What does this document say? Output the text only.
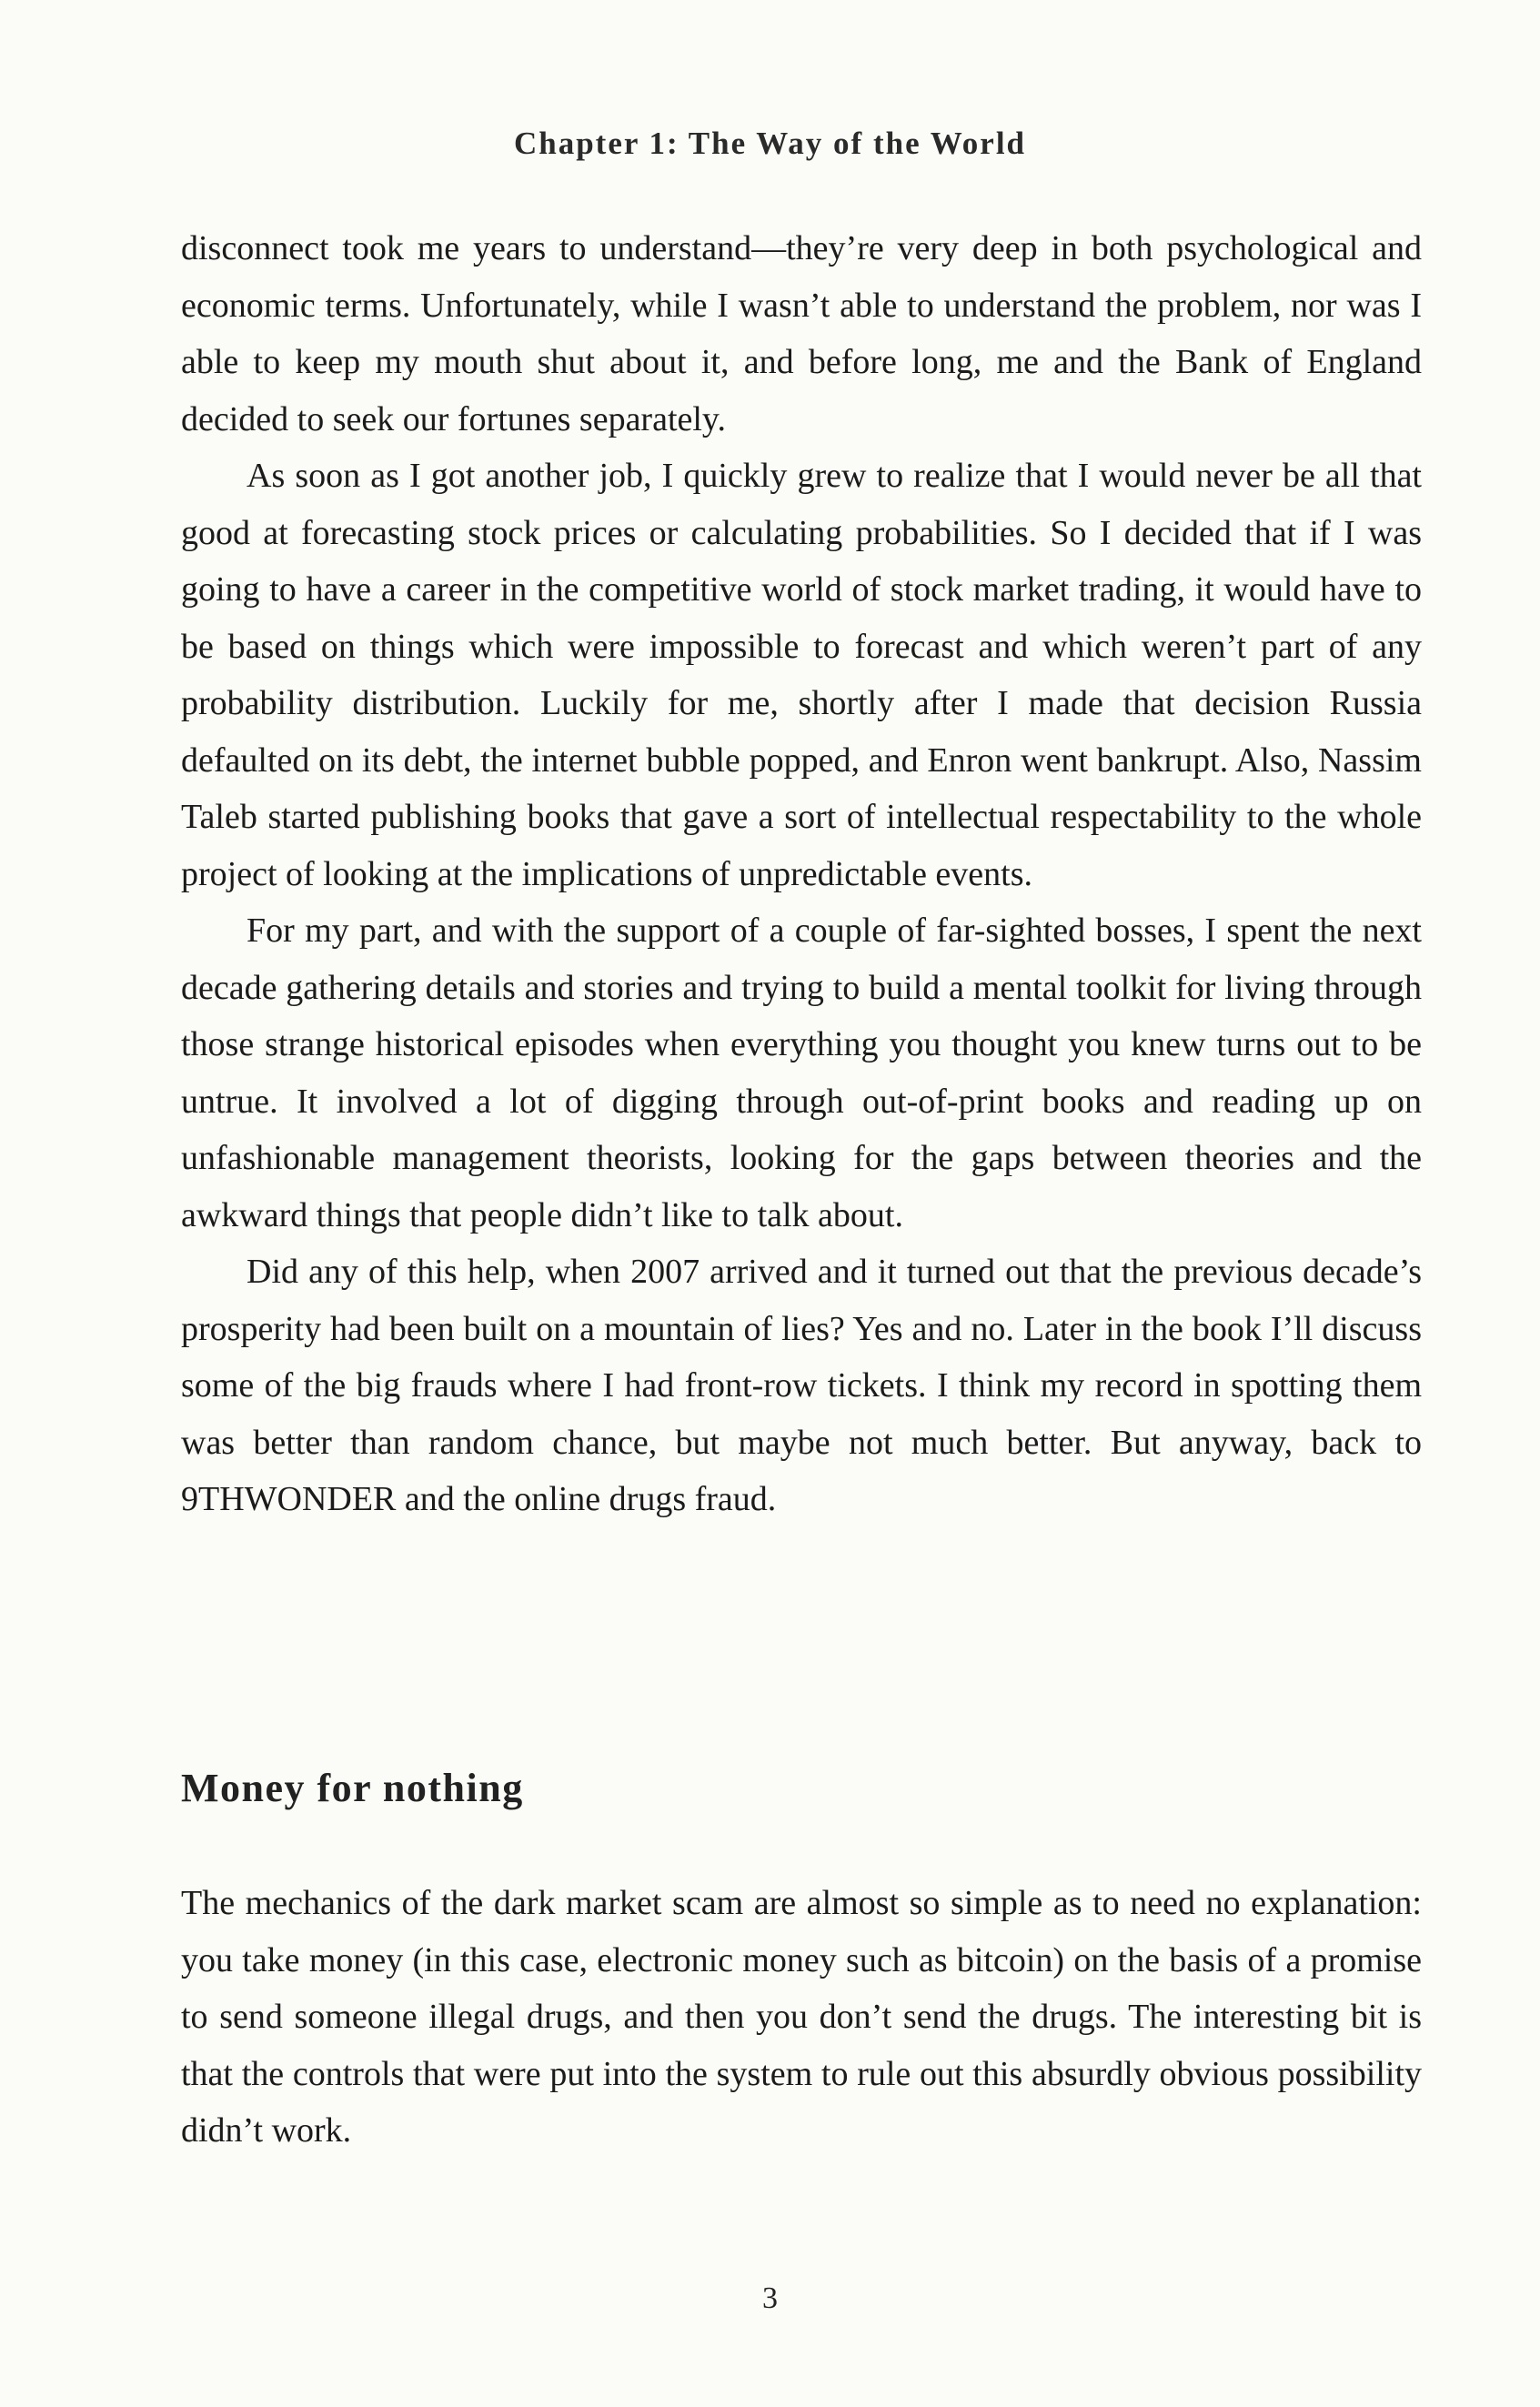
Chapter 1: The Way of the World

disconnect took me years to understand—they’re very deep in both psychological and economic terms. Unfortunately, while I wasn’t able to understand the problem, nor was I able to keep my mouth shut about it, and before long, me and the Bank of England decided to seek our fortunes separately.

As soon as I got another job, I quickly grew to realize that I would never be all that good at forecasting stock prices or calculating probabilities. So I decided that if I was going to have a career in the competitive world of stock market trading, it would have to be based on things which were impossible to forecast and which weren’t part of any probability distribution. Luckily for me, shortly after I made that decision Russia defaulted on its debt, the internet bubble popped, and Enron went bankrupt. Also, Nassim Taleb started publishing books that gave a sort of intellectual respectability to the whole project of looking at the implications of unpredictable events.

For my part, and with the support of a couple of far-sighted bosses, I spent the next decade gathering details and stories and trying to build a mental toolkit for living through those strange historical episodes when everything you thought you knew turns out to be untrue. It involved a lot of digging through out-of-print books and reading up on unfashionable management theorists, looking for the gaps between theories and the awkward things that people didn’t like to talk about.

Did any of this help, when 2007 arrived and it turned out that the previous decade’s prosperity had been built on a mountain of lies? Yes and no. Later in the book I’ll discuss some of the big frauds where I had front-row tickets. I think my record in spotting them was better than random chance, but maybe not much better. But anyway, back to 9THWONDER and the online drugs fraud.

Money for nothing

The mechanics of the dark market scam are almost so simple as to need no explanation: you take money (in this case, electronic money such as bitcoin) on the basis of a promise to send someone illegal drugs, and then you don’t send the drugs. The interesting bit is that the controls that were put into the system to rule out this absurdly obvious possibility didn’t work.

3
